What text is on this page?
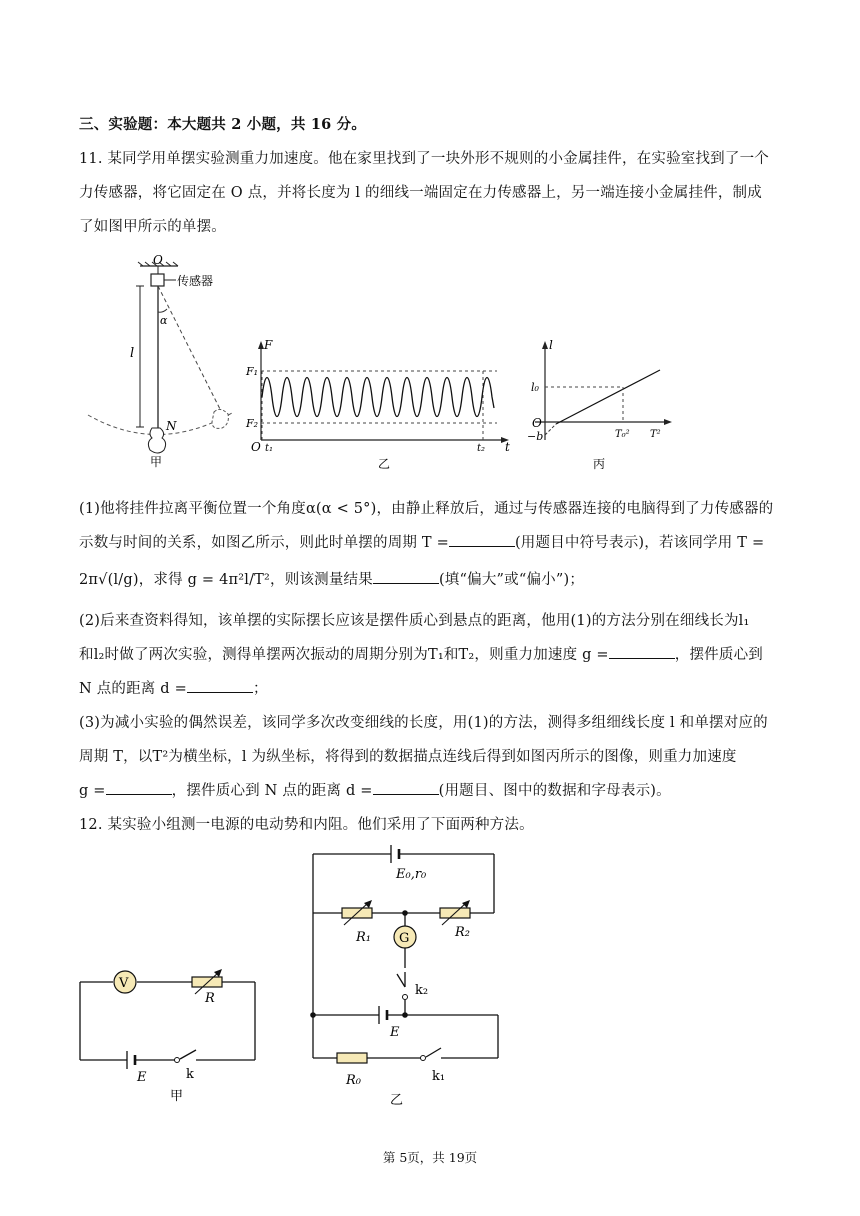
三、实验题：本大题共 2 小题，共 16 分。
11. 某同学用单摆实验测重力加速度。他在家里找到了一块外形不规则的小金属挂件，在实验室找到了一个
力传感器，将它固定在 O 点，并将长度为 l 的细线一端固定在力传感器上，另一端连接小金属挂件，制成
了如图甲所示的单摆。
O
传感器
α
l
N
甲
F
F₁
F₂
O t₁	t₂ t
乙
l
l₀
O
−b	T₀² T²
丙
(1)他将挂件拉离平衡位置一个角度α(α < 5°)，由静止释放后，通过与传感器连接的电脑得到了力传感器的
示数与时间的关系，如图乙所示，则此时单摆的周期 T =	(用题目中符号表示)，若该同学用 T =
2π√(l/g)，求得 g = 4π²l/T²，则该测量结果	(填“偏大”或“偏小”)；
(2)后来查资料得知，该单摆的实际摆长应该是摆件质心到悬点的距离，他用(1)的方法分别在细线长为l₁
和l₂时做了两次实验，测得单摆两次振动的周期分别为T₁和T₂，则重力加速度 g =	，摆件质心到
N 点的距离 d =	；
(3)为减小实验的偶然误差，该同学多次改变细线的长度，用(1)的方法，测得多组细线长度 l 和单摆对应的
周期 T，以T²为横坐标，l 为纵坐标，将得到的数据描点连线后得到如图丙所示的图像，则重力加速度
g =	，摆件质心到 N 点的距离 d =	(用题目、图中的数据和字母表示)。
12. 某实验小组测一电源的电动势和内阻。他们采用了下面两种方法。
V
R
E	k
甲
E₀,r₀
R₁	R₂
G
k₂
E
R₀	k₁
乙
第 5页，共 19页
